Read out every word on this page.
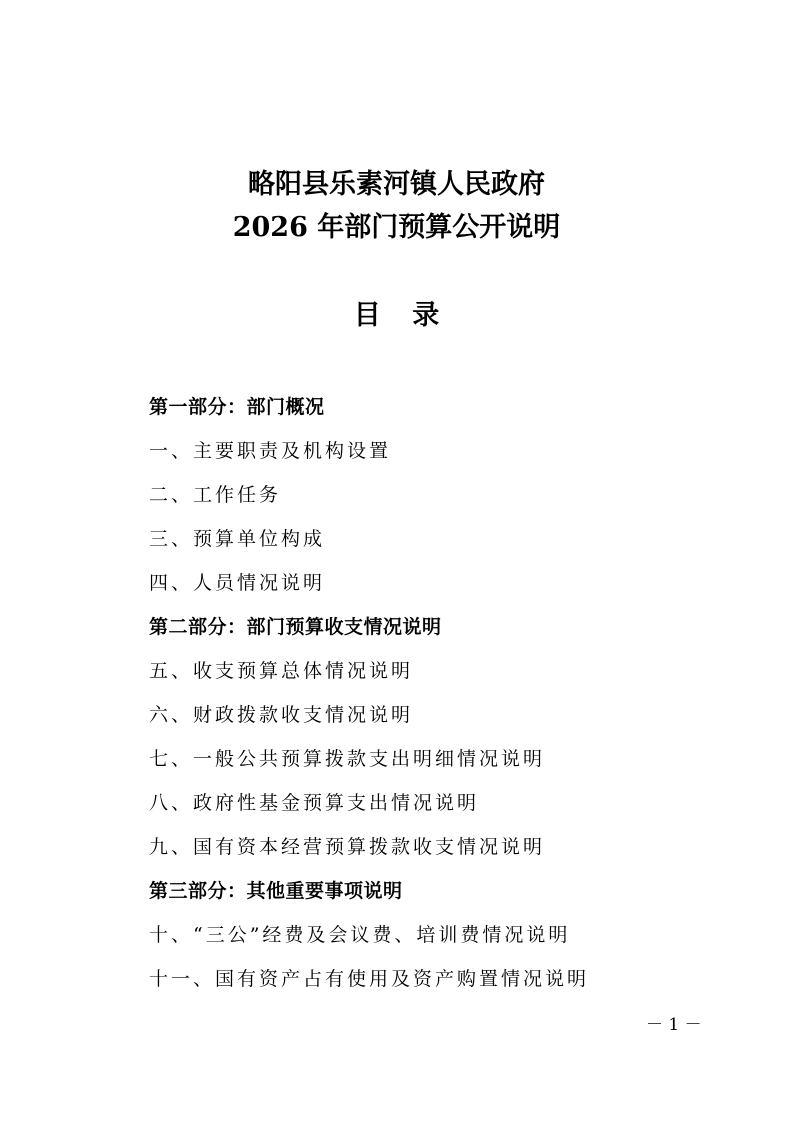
略阳县乐素河镇人民政府
2026 年部门预算公开说明
目 录
第一部分：部门概况
一、主要职责及机构设置
二、工作任务
三、预算单位构成
四、人员情况说明
第二部分：部门预算收支情况说明
五、收支预算总体情况说明
六、财政拨款收支情况说明
七、一般公共预算拨款支出明细情况说明
八、政府性基金预算支出情况说明
九、国有资本经营预算拨款收支情况说明
第三部分：其他重要事项说明
十、“三公”经费及会议费、培训费情况说明
十一、国有资产占有使用及资产购置情况说明
－ 1 －
